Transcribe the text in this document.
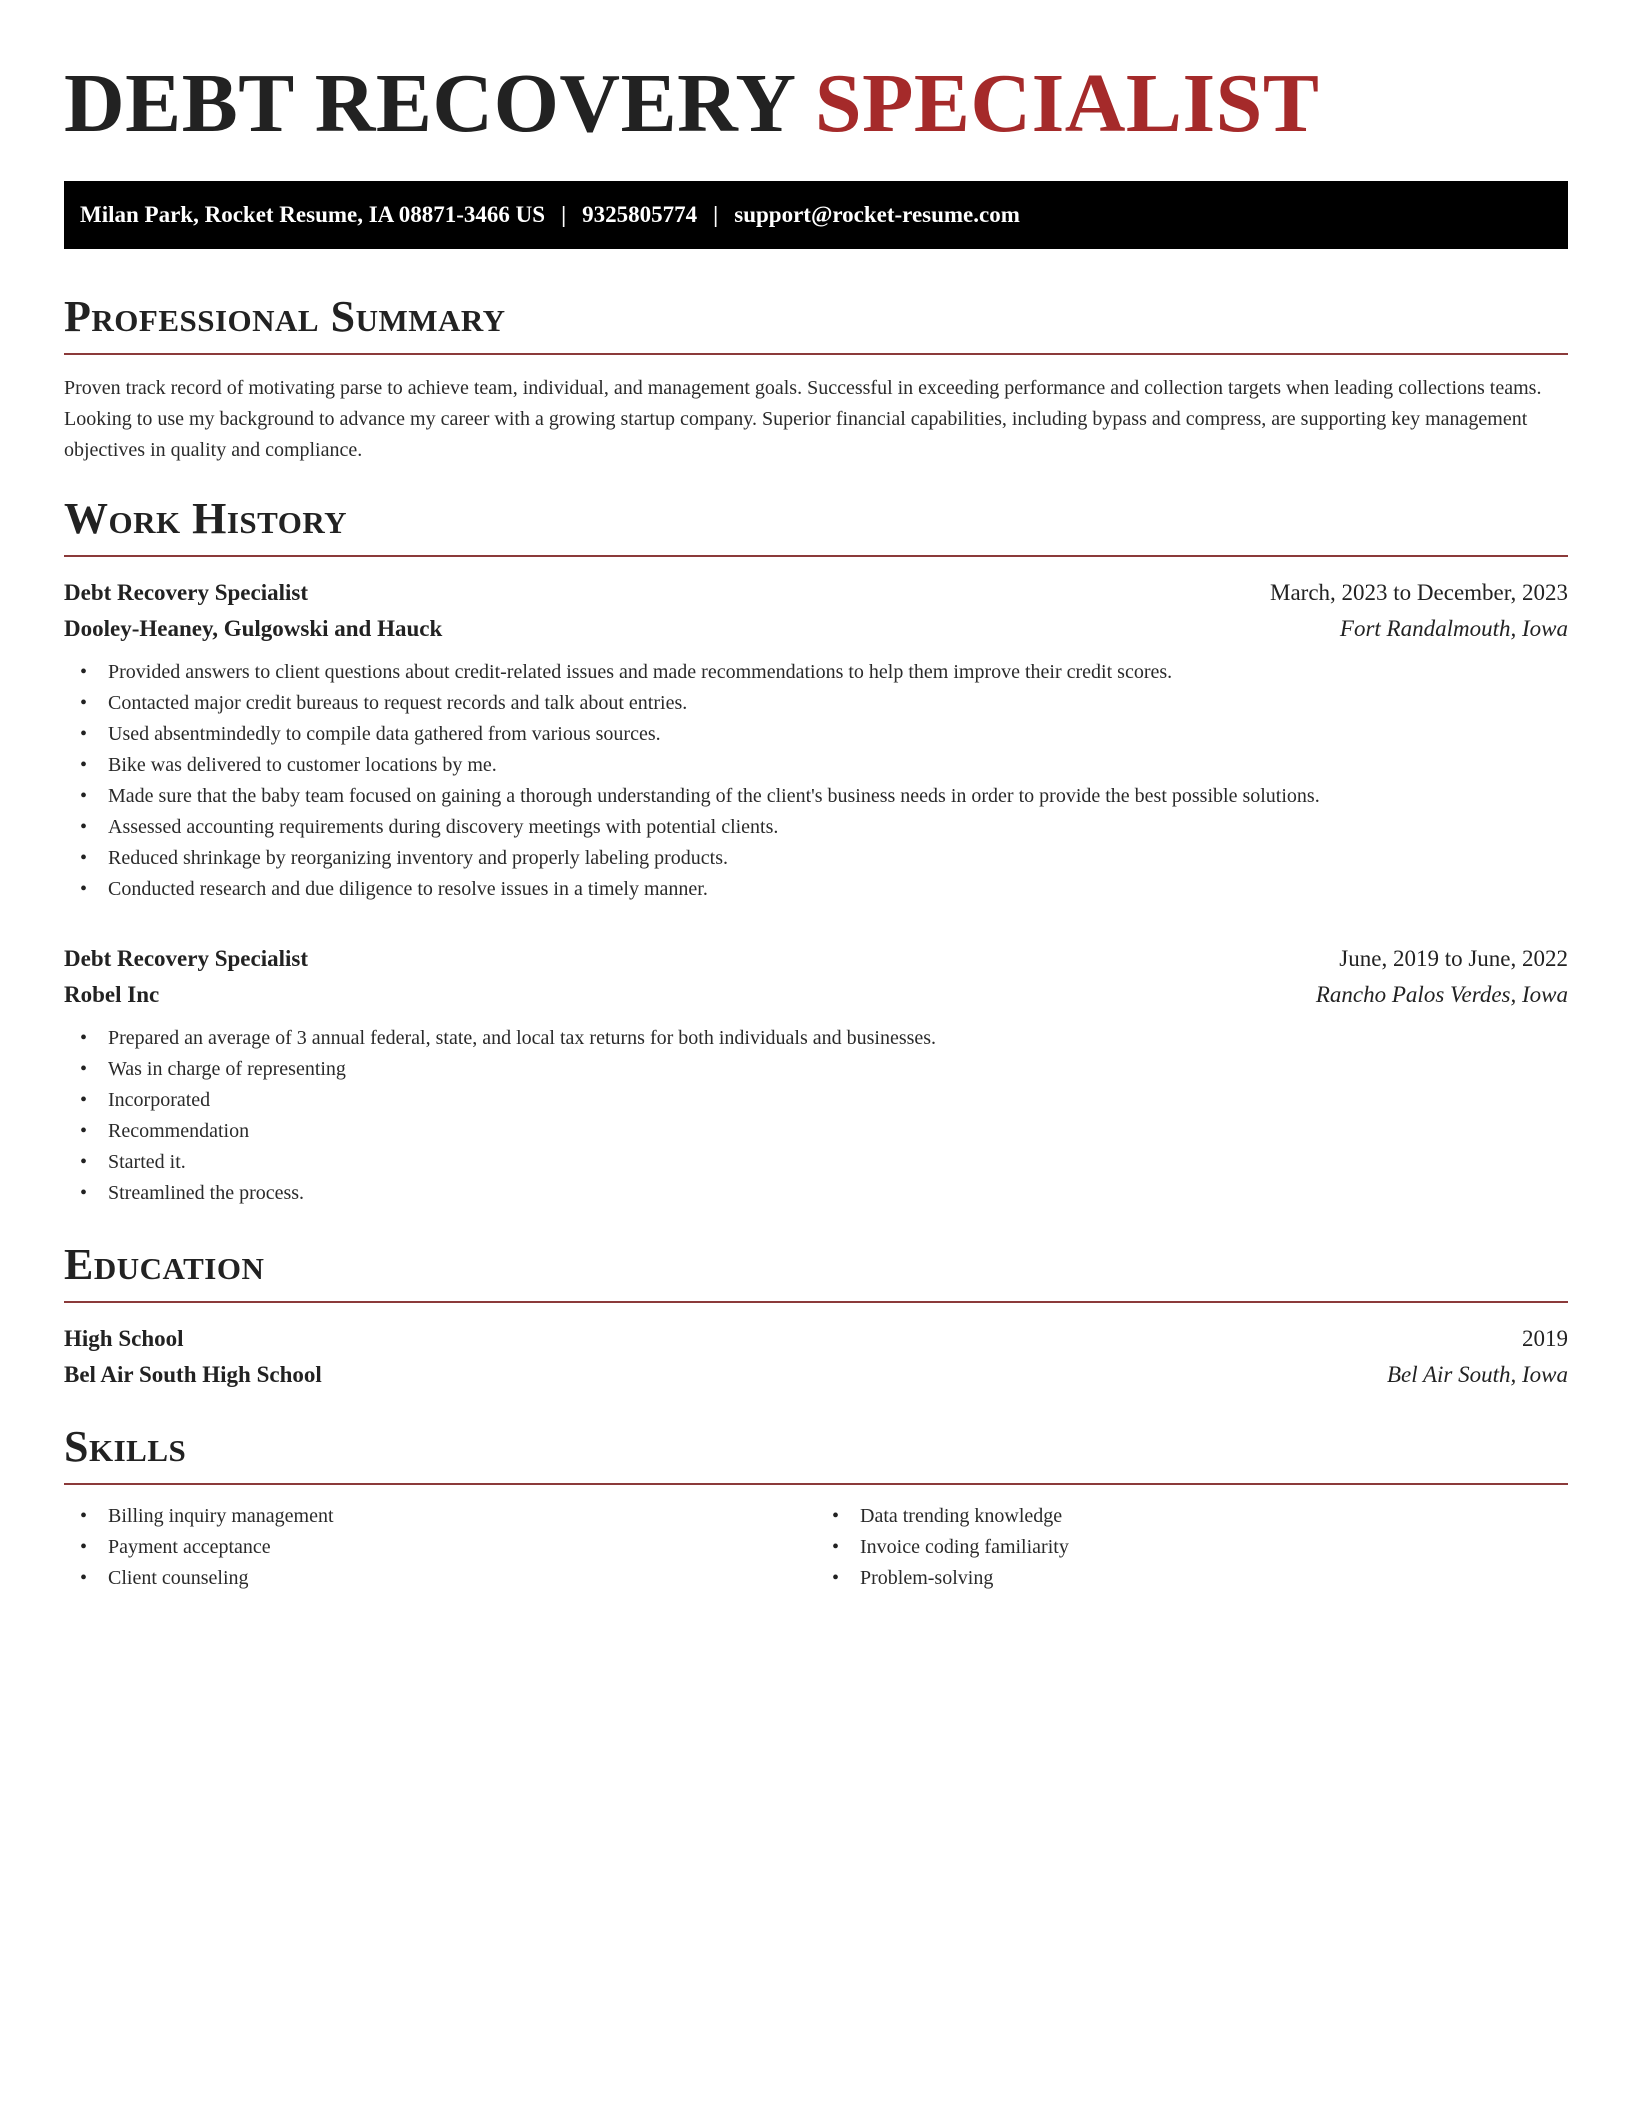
DEBT RECOVERY SPECIALIST
Milan Park, Rocket Resume, IA 08871-3466 US | 9325805774 | support@rocket-resume.com
Professional Summary

Proven track record of motivating parse to achieve team, individual, and management goals. Successful in exceeding performance and collection targets when leading collections teams. Looking to use my background to advance my career with a growing startup company. Superior financial capabilities, including bypass and compress, are supporting key management objectives in quality and compliance.

Work History
Debt Recovery Specialist	March, 2023 to December, 2023
Dooley-Heaney, Gulgowski and Hauck	Fort Randalmouth, Iowa
• Provided answers to client questions about credit-related issues and made recommendations to help them improve their credit scores.
• Contacted major credit bureaus to request records and talk about entries.
• Used absentmindedly to compile data gathered from various sources.
• Bike was delivered to customer locations by me.
• Made sure that the baby team focused on gaining a thorough understanding of the client's business needs in order to provide the best possible solutions.
• Assessed accounting requirements during discovery meetings with potential clients.
• Reduced shrinkage by reorganizing inventory and properly labeling products.
• Conducted research and due diligence to resolve issues in a timely manner.
Debt Recovery Specialist	June, 2019 to June, 2022
Robel Inc	Rancho Palos Verdes, Iowa
• Prepared an average of 3 annual federal, state, and local tax returns for both individuals and businesses.
• Was in charge of representing
• Incorporated
• Recommendation
• Started it.
• Streamlined the process.
Education
High School	2019
Bel Air South High School	Bel Air South, Iowa
Skills
• Billing inquiry management
• Payment acceptance
• Client counseling
• Data trending knowledge
• Invoice coding familiarity
• Problem-solving
